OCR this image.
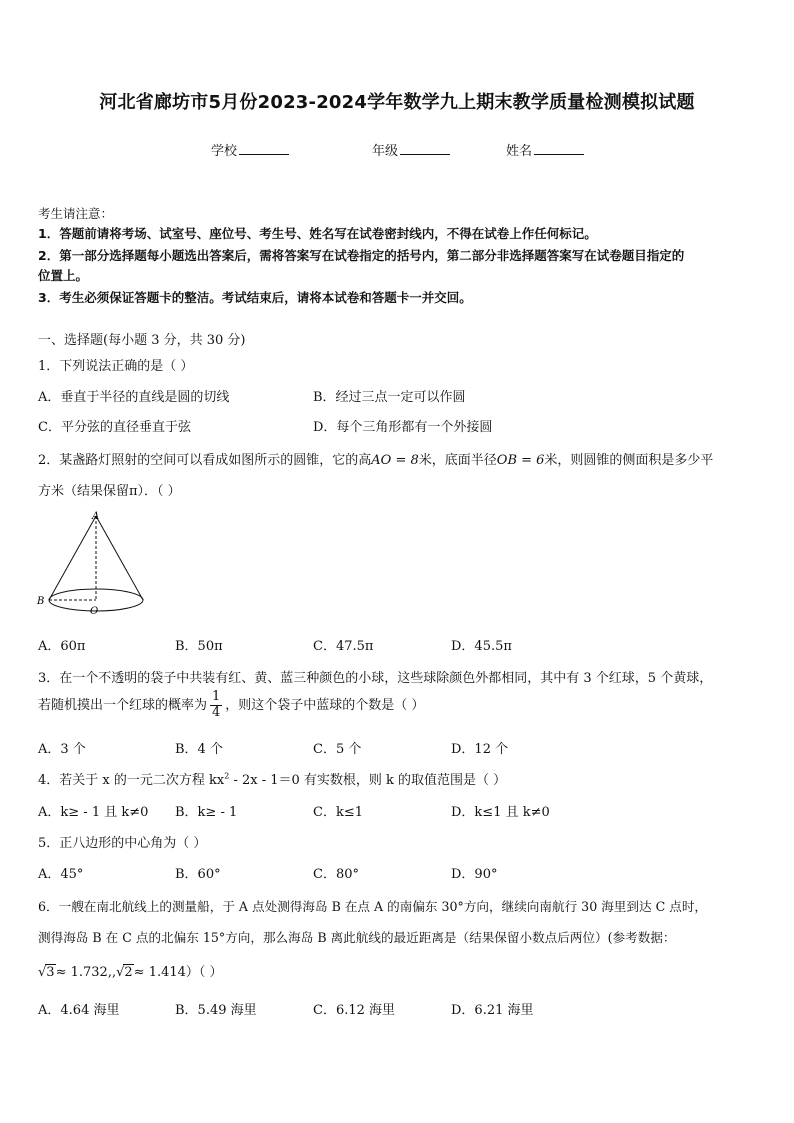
河北省廊坊市5月份2023-2024学年数学九上期末教学质量检测模拟试题
学校	年级	姓名
考生请注意：
1．答题前请将考场、试室号、座位号、考生号、姓名写在试卷密封线内，不得在试卷上作任何标记。
2．第一部分选择题每小题选出答案后，需将答案写在试卷指定的括号内，第二部分非选择题答案写在试卷题目指定的
位置上。
3．考生必须保证答题卡的整洁。考试结束后，请将本试卷和答题卡一并交回。
一、选择题(每小题 3 分，共 30 分)
1．下列说法正确的是（ ）
A．垂直于半径的直线是圆的切线	B．经过三点一定可以作圆
C．平分弦的直径垂直于弦	D．每个三角形都有一个外接圆
2．某盏路灯照射的空间可以看成如图所示的圆锥，它的高AO = 8米，底面半径OB = 6米，则圆锥的侧面积是多少平
方米（结果保留π）．（ ）
A
B
O
A．60π	B．50π	C．47.5π	D．45.5π
3．在一个不透明的袋子中共装有红、黄、蓝三种颜色的小球，这些球除颜色外都相同，其中有 3 个红球，5 个黄球，
若随机摸出一个红球的概率为 $\frac{1}{4}$ ，则这个袋子中蓝球的个数是（ ）
A．3 个	B．4 个	C．5 个	D．12 个
4．若关于 x 的一元二次方程 $kx^2 - 2x - 1=0$ 有实数根，则 k 的取值范围是（ ）
A．k≥ - 1 且 k≠0 B．k≥ - 1	C．k≤1	D．k≤1 且 k≠0
5．正八边形的中心角为（ ）
A．45°	B．60°	C．80°	D．90°
6．一艘在南北航线上的测量船，于 A 点处测得海岛 B 在点 A 的南偏东 30°方向，继续向南航行 30 海里到达 C 点时，
测得海岛 B 在 C 点的北偏东 15°方向，那么海岛 B 离此航线的最近距离是（结果保留小数点后两位）(参考数据：
√3≈ 1.732,,√2≈ 1.414）（ ）
A．4.64 海里	B．5.49 海里	C．6.12 海里	D．6.21 海里
